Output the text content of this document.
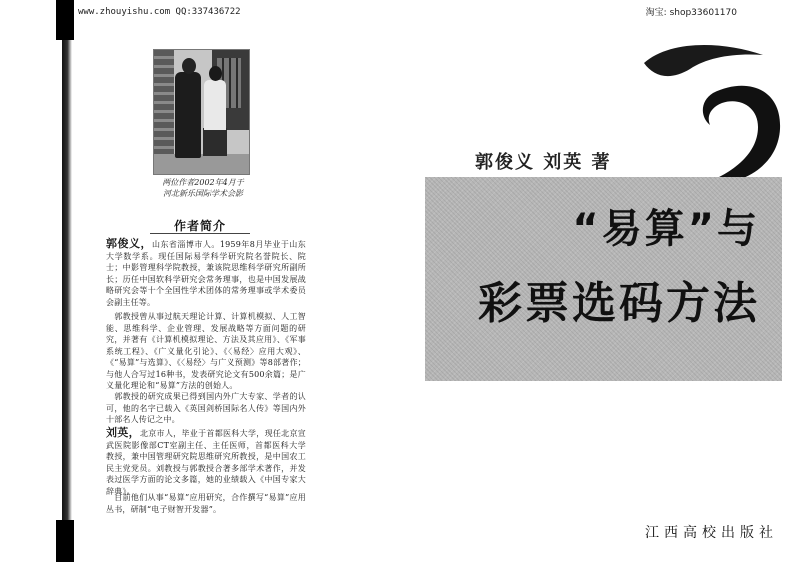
www.zhouyishu.com QQ:337436722	淘宝: shop33601170
两位作者2002年4月于
河北新乐国际学术会影
作者简介

郭俊义，山东省淄博市人。1959年8月毕业于山东大学数学系。现任国际易学科学研究院名誉院长、院士；中影管理科学院教授，兼该院思维科学研究所副所长；历任中国软科学研究会常务理事，也是中国发展战略研究会等十个全国性学术团体的常务理事或学术委员会副主任等。

 郭教授曾从事过航天理论计算、计算机模拟、人工智能、思维科学、企业管理、发展战略等方面问题的研究，并著有《计算机模拟理论、方法及其应用》、《军事系统工程》、《广义量化引论》、《〈易经〉应用大观》、《“易算”与选算》、《〈易经〉与广义预测》等8部著作；与他人合写过16种书，发表研究论文有500余篇；是广义量化理论和“易算”方法的创始人。

 郭教授的研究成果已得到国内外广大专家、学者的认可，他的名字已载入《英国剑桥国际名人传》等国内外十部名人传记之中。

刘英，北京市人，毕业于首都医科大学，现任北京宣武医院影像部CT室副主任、主任医师，首都医科大学教授，兼中国管理研究院思维研究所教授，是中国农工民主党党员。刘教授与郭教授合著多部学术著作，并发表过医学方面的论文多篇，她的业绩载入《中国专家大辞典》。

 目前他们从事“易算”应用研究，合作撰写“易算”应用丛书，研制“电子财智开发器”。

郭俊义 刘英 著
“易算”与
彩票选码方法
江西高校出版社
